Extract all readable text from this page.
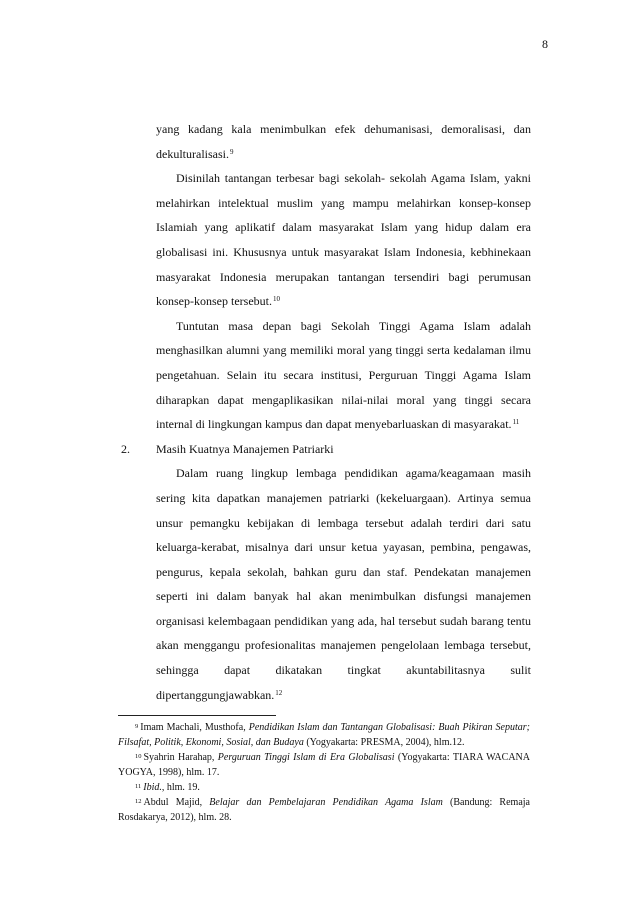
8

yang kadang kala menimbulkan efek dehumanisasi, demoralisasi, dan dekulturalisasi.$^9$

Disinilah tantangan terbesar bagi sekolah- sekolah Agama Islam, yakni melahirkan intelektual muslim yang mampu melahirkan konsep-konsep Islamiah yang aplikatif dalam masyarakat Islam yang hidup dalam era globalisasi ini. Khususnya untuk masyarakat Islam Indonesia, kebhinekaan masyarakat Indonesia merupakan tantangan tersendiri bagi perumusan konsep-konsep tersebut.$^{10}$

Tuntutan masa depan bagi Sekolah Tinggi Agama Islam adalah menghasilkan alumni yang memiliki moral yang tinggi serta kedalaman ilmu pengetahuan. Selain itu secara institusi, Perguruan Tinggi Agama Islam diharapkan dapat mengaplikasikan nilai-nilai moral yang tinggi secara internal di lingkungan kampus dan dapat menyebarluaskan di masyarakat.$^{11}$

2. Masih Kuatnya Manajemen Patriarki

Dalam ruang lingkup lembaga pendidikan agama/keagamaan masih sering kita dapatkan manajemen patriarki (kekeluargaan). Artinya semua unsur pemangku kebijakan di lembaga tersebut adalah terdiri dari satu keluarga-kerabat, misalnya dari unsur ketua yayasan, pembina, pengawas, pengurus, kepala sekolah, bahkan guru dan staf. Pendekatan manajemen seperti ini dalam banyak hal akan menimbulkan disfungsi manajemen organisasi kelembagaan pendidikan yang ada, hal tersebut sudah barang tentu akan menggangu profesionalitas manajemen pengelolaan lembaga tersebut, sehingga dapat dikatakan tingkat akuntabilitasnya sulit dipertanggungjawabkan.$^{12}$

$^9$ Imam Machali, Musthofa, Pendidikan Islam dan Tantangan Globalisasi: Buah Pikiran Seputar; Filsafat, Politik, Ekonomi, Sosial, dan Budaya (Yogyakarta: PRESMA, 2004), hlm.12.

$^{10}$ Syahrin Harahap, Perguruan Tinggi Islam di Era Globalisasi (Yogyakarta: TIARA WACANA YOGYA, 1998), hlm. 17.

$^{11}$ Ibid., hlm. 19.

$^{12}$ Abdul Majid, Belajar dan Pembelajaran Pendidikan Agama Islam (Bandung: Remaja Rosdakarya, 2012), hlm. 28.
